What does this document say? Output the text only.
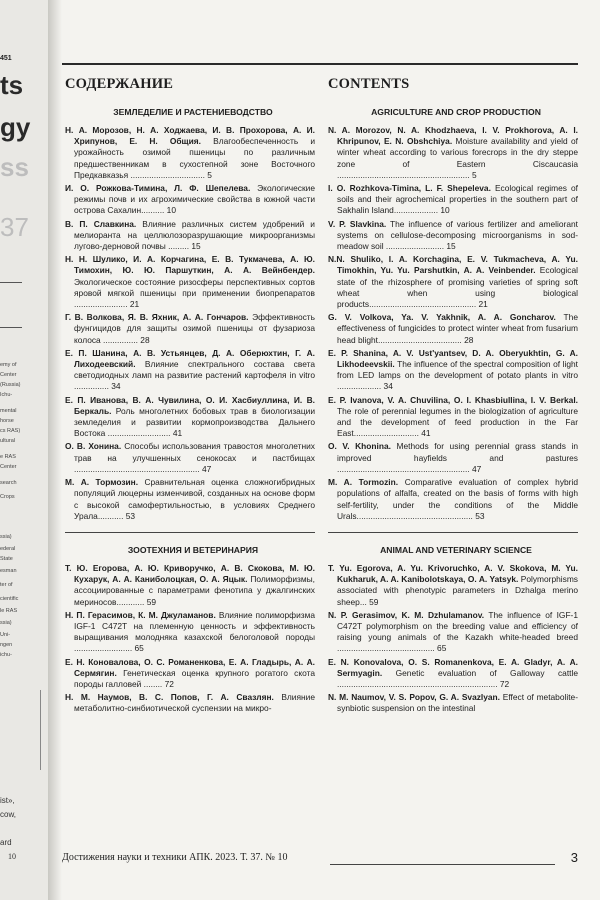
451
ts
gy
ss
37
emy of
Center
(Russia)
Ichu-
mental
horse
cs RAS)
ultural
e RAS
Center
search
Crops
ssia)
ederal
State
esman
ter of
cientific
le RAS
ssia)
Uni-
ngen
ichu-
ist»,
cow,
ard
10
СОДЕРЖАНИЕ
ЗЕМЛЕДЕЛИЕ И РАСТЕНИЕВОДСТВО
Н. А. Морозов, Н. А. Ходжаева, И. В. Прохорова, А. И. Хрипунов, Е. Н. Общия. Влагообеспеченность и урожайность озимой пшеницы по различным предшественникам в сухостепной зоне Восточного Предкавказья ................................ 5
И. О. Рожкова-Тимина, Л. Ф. Шепелева. Экологические режимы почв и их агрохимические свойства в южной части острова Сахалин.......... 10
В. П. Славкина. Влияние различных систем удобрений и мелиоранта на целлюлозоразрушающие микроорганизмы лугово-дерновой почвы ......... 15
Н. Н. Шулико, И. А. Корчагина, Е. В. Тукмачева, А. Ю. Тимохин, Ю. Ю. Паршуткин, А. А. Вейнбендер. Экологическое состояние ризосферы перспективных сортов яровой мягкой пшеницы при применении биопрепаратов ....................... 21
Г. В. Волкова, Я. В. Яхник, А. А. Гончаров. Эффективность фунгицидов для защиты озимой пшеницы от фузариоза колоса ............... 28
Е. П. Шанина, А. В. Устьянцев, Д. А. Оберюхтин, Г. А. Лиходеевский. Влияние спектрального состава света светодиодных ламп на развитие растений картофеля in vitro ............... 34
Е. П. Иванова, В. А. Чувилина, О. И. Хасбиуллина, И. В. Беркаль. Роль многолетних бобовых трав в биологизации земледелия и развитии кормопроизводства Дальнего Востока ........................... 41
О. В. Хонина. Способы использования травостоя многолетних трав на улучшенных сенокосах и пастбищах ...................................................... 47
М. А. Тормозин. Сравнительная оценка сложногибридных популяций люцерны изменчивой, созданных на основе форм с высокой самофертильностью, в условиях Среднего Урала........... 53
ЗООТЕХНИЯ И ВЕТЕРИНАРИЯ
Т. Ю. Егорова, А. Ю. Криворучко, А. В. Скокова, М. Ю. Кухарук, А. А. Каниболоцкая, О. А. Яцык. Полиморфизмы, ассоциированные с параметрами фенотипа у джалгинских мериносов............ 59
Н. П. Герасимов, К. М. Джуламанов. Влияние полиморфизма IGF-1 C472T на племенную ценность и эффективность выращивания молодняка казахской белоголовой породы ......................... 65
Е. Н. Коновалова, О. С. Романенкова, Е. А. Гладырь, А. А. Сермягин. Генетическая оценка крупного рогатого скота породы галловей ........ 72
Н. М. Наумов, В. С. Попов, Г. А. Свазлян. Влияние метаболитно-синбиотической суспензии на микро-
CONTENTS
AGRICULTURE AND CROP PRODUCTION
N. A. Morozov, N. A. Khodzhaeva, I. V. Prokhorova, A. I. Khripunov, E. N. Obshchiya. Moisture availability and yield of winter wheat according to various forecrops in the dry steppe zone of Eastern Ciscaucasia ......................................................... 5
I. O. Rozhkova-Timina, L. F. Shepeleva. Ecological regimes of soils and their agrochemical properties in the southern part of Sakhalin Island................... 10
V. P. Slavkina. The influence of various fertilizer and ameliorant systems on cellulose-decomposing microorganisms in sod-meadow soil ......................... 15
N.N. Shuliko, I. A. Korchagina, E. V. Tukmacheva, A. Yu. Timokhin, Yu. Yu. Parshutkin, A. A. Veinbender. Ecological state of the rhizosphere of promising varieties of spring soft wheat when using biological products.............................................. 21
G. V. Volkova, Ya. V. Yakhnik, A. A. Goncharov. The effectiveness of fungicides to protect winter wheat from fusarium head blight.................................... 28
E. P. Shanina, A. V. Ust'yantsev, D. A. Oberyukhtin, G. A. Likhodeevskii. The influence of the spectral composition of light from LED lamps on the development of potato plants in vitro ................... 34
E. P. Ivanova, V. A. Chuvilina, O. I. Khasbiullina, I. V. Berkal. The role of perennial legumes in the biologization of agriculture and the development of feed production in the Far East............................ 41
O. V. Khonina. Methods for using perennial grass stands in improved hayfields and pastures ......................................................... 47
M. A. Tormozin. Comparative evaluation of complex hybrid populations of alfalfa, created on the basis of forms with high self-fertility, under the conditions of the Middle Urals.................................................. 53
ANIMAL AND VETERINARY SCIENCE
T. Yu. Egorova, A. Yu. Krivoruchko, A. V. Skokova, M. Yu. Kukharuk, A. A. Kanibolotskaya, O. A. Yatsyk. Polymorphisms associated with phenotypic parameters in Dzhalga merino sheep... 59
N. P. Gerasimov, K. M. Dzhulamanov. The influence of IGF-1 C472T polymorphism on the breeding value and efficiency of raising young animals of the Kazakh white-headed breed .......................................... 65
E. N. Konovalova, O. S. Romanenkova, E. A. Gladyr, A. A. Sermyagin. Genetic evaluation of Galloway cattle ..................................................................... 72
N. M. Naumov, V. S. Popov, G. A. Svazlyan. Effect of metabolite-synbiotic suspension on the intestinal
Достижения науки и техники АПК. 2023. Т. 37. № 10	3
